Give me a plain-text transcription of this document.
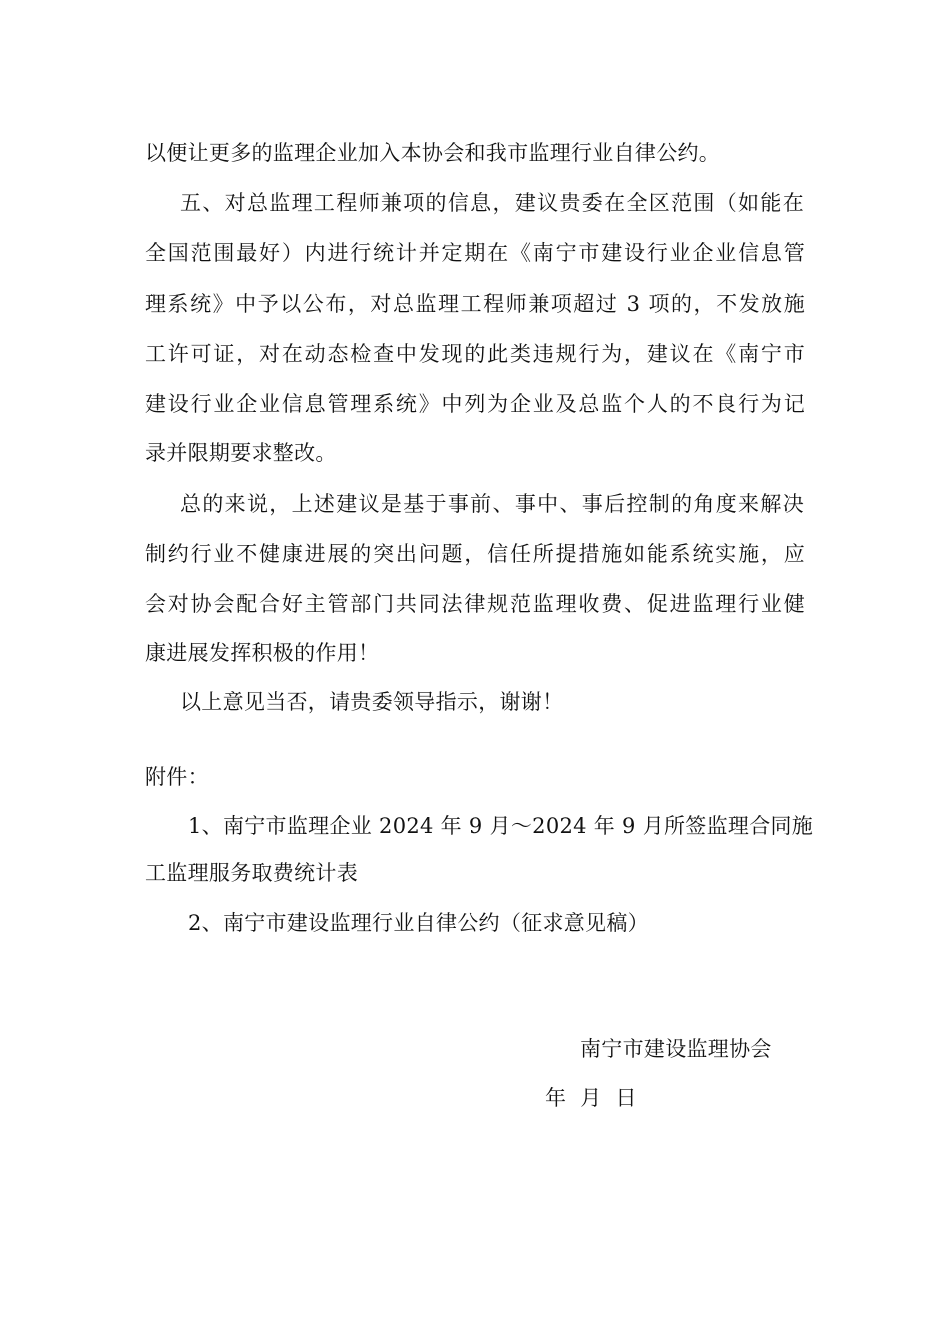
以便让更多的监理企业加入本协会和我市监理行业自律公约。
五、对总监理工程师兼项的信息，建议贵委在全区范围（如能在
全国范围最好）内进行统计并定期在《南宁市建设行业企业信息管
理系统》中予以公布，对总监理工程师兼项超过 3 项的，不发放施
工许可证，对在动态检查中发现的此类违规行为，建议在《南宁市
建设行业企业信息管理系统》中列为企业及总监个人的不良行为记
录并限期要求整改。
总的来说，上述建议是基于事前、事中、事后控制的角度来解决
制约行业不健康进展的突出问题，信任所提措施如能系统实施，应
会对协会配合好主管部门共同法律规范监理收费、促进监理行业健
康进展发挥积极的作用！
以上意见当否，请贵委领导指示，谢谢！
附件：
1、南宁市监理企业 2024 年 9 月～2024 年 9 月所签监理合同施
工监理服务取费统计表
2、南宁市建设监理行业自律公约（征求意见稿）
南宁市建设监理协会
年  月  日
